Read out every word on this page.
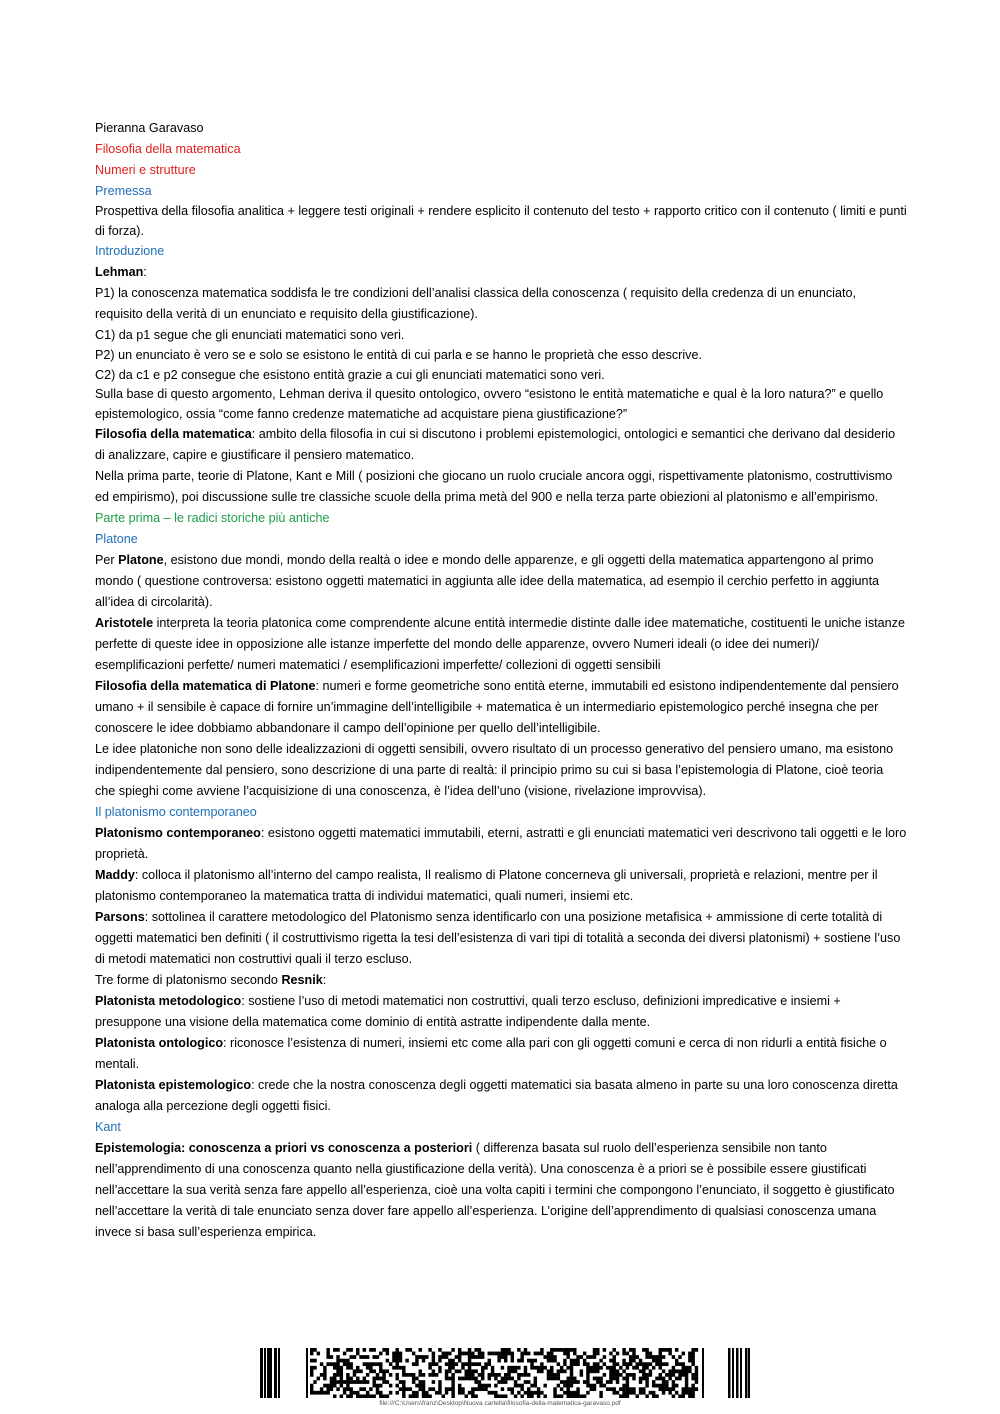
Pieranna Garavaso

Filosofia della matematica

Numeri e strutture

Premessa

Prospettiva della filosofia analitica + leggere testi originali + rendere esplicito il contenuto del testo + rapporto critico con il contenuto ( limiti e punti di forza).

Introduzione

Lehman:

P1) la conoscenza matematica soddisfa le tre condizioni dell’analisi classica della conoscenza ( requisito della credenza di un enunciato, requisito della verità di un enunciato e requisito della giustificazione).

C1) da p1 segue che gli enunciati matematici sono veri.

P2) un enunciato è vero se e solo se esistono le entità di cui parla e se hanno le proprietà che esso descrive.

C2) da c1 e p2 consegue che esistono entità grazie a cui gli enunciati matematici sono veri.

Sulla base di questo argomento, Lehman deriva il quesito ontologico, ovvero “esistono le entità matematiche e qual è la loro natura?” e quello epistemologico, ossia “come fanno credenze matematiche ad acquistare piena giustificazione?”

Filosofia della matematica: ambito della filosofia in cui si discutono i problemi epistemologici, ontologici e semantici che derivano dal desiderio di analizzare, capire e giustificare il pensiero matematico.

Nella prima parte, teorie di Platone, Kant e Mill ( posizioni che giocano un ruolo cruciale ancora oggi, rispettivamente platonismo, costruttivismo ed empirismo), poi discussione sulle tre classiche scuole della prima metà del 900 e nella terza parte obiezioni al platonismo e all’empirismo.

Parte prima – le radici storiche più antiche

Platone

Per Platone, esistono due mondi, mondo della realtà o idee e mondo delle apparenze, e gli oggetti della matematica appartengono al primo mondo ( questione controversa: esistono oggetti matematici in aggiunta alle idee della matematica, ad esempio il cerchio perfetto in aggiunta all’idea di circolarità).

Aristotele interpreta la teoria platonica come comprendente alcune entità intermedie distinte dalle idee matematiche, costituenti le uniche istanze perfette di queste idee in opposizione alle istanze imperfette del mondo delle apparenze, ovvero Numeri ideali (o idee dei numeri)/ esemplificazioni perfette/ numeri matematici / esemplificazioni imperfette/ collezioni di oggetti sensibili

Filosofia della matematica di Platone: numeri e forme geometriche sono entità eterne, immutabili ed esistono indipendentemente dal pensiero umano + il sensibile è capace di fornire un’immagine dell’intelligibile + matematica è un intermediario epistemologico perché insegna che per conoscere le idee dobbiamo abbandonare il campo dell’opinione per quello dell’intelligibile.

Le idee platoniche non sono delle idealizzazioni di oggetti sensibili, ovvero risultato di un processo generativo del pensiero umano, ma esistono indipendentemente dal pensiero, sono descrizione di una parte di realtà: il principio primo su cui si basa l’epistemologia di Platone, cioè teoria che spieghi come avviene l’acquisizione di una conoscenza, è l’idea dell’uno (visione, rivelazione improvvisa).

Il platonismo contemporaneo

Platonismo contemporaneo: esistono oggetti matematici immutabili, eterni, astratti e gli enunciati matematici veri descrivono tali oggetti e le loro proprietà.

Maddy: colloca il platonismo all’interno del campo realista, Il realismo di Platone concerneva gli universali, proprietà e relazioni, mentre per il platonismo contemporaneo la matematica tratta di individui matematici, quali numeri, insiemi etc.

Parsons: sottolinea il carattere metodologico del Platonismo senza identificarlo con una posizione metafisica + ammissione di certe totalità di oggetti matematici ben definiti ( il costruttivismo rigetta la tesi dell’esistenza di vari tipi di totalità a seconda dei diversi platonismi) + sostiene l’uso di metodi matematici non costruttivi quali il terzo escluso.

Tre forme di platonismo secondo Resnik:

Platonista metodologico: sostiene l’uso di metodi matematici non costruttivi, quali terzo escluso, definizioni impredicative e insiemi + presuppone una visione della matematica come dominio di entità astratte indipendente dalla mente.

Platonista ontologico: riconosce l’esistenza di numeri, insiemi etc come alla pari con gli oggetti comuni e cerca di non ridurli a entità fisiche o mentali.

Platonista epistemologico: crede che la nostra conoscenza degli oggetti matematici sia basata almeno in parte su una loro conoscenza diretta analoga alla percezione degli oggetti fisici.

Kant

Epistemologia: conoscenza a priori vs conoscenza a posteriori ( differenza basata sul ruolo dell’esperienza sensibile non tanto nell’apprendimento di una conoscenza quanto nella giustificazione della verità). Una conoscenza è a priori se è possibile essere giustificati nell’accettare la sua verità senza fare appello all’esperienza, cioè una volta capiti i termini che compongono l’enunciato, il soggetto è giustificato nell’accettare la verità di tale enunciato senza dover fare appello all’esperienza. L’origine dell’apprendimento di qualsiasi conoscenza umana invece si basa sull’esperienza empirica.

file:///C:\Users\franz\Desktop\Nuova cartella\filosofia-della-matematica-garavaso.pdf
